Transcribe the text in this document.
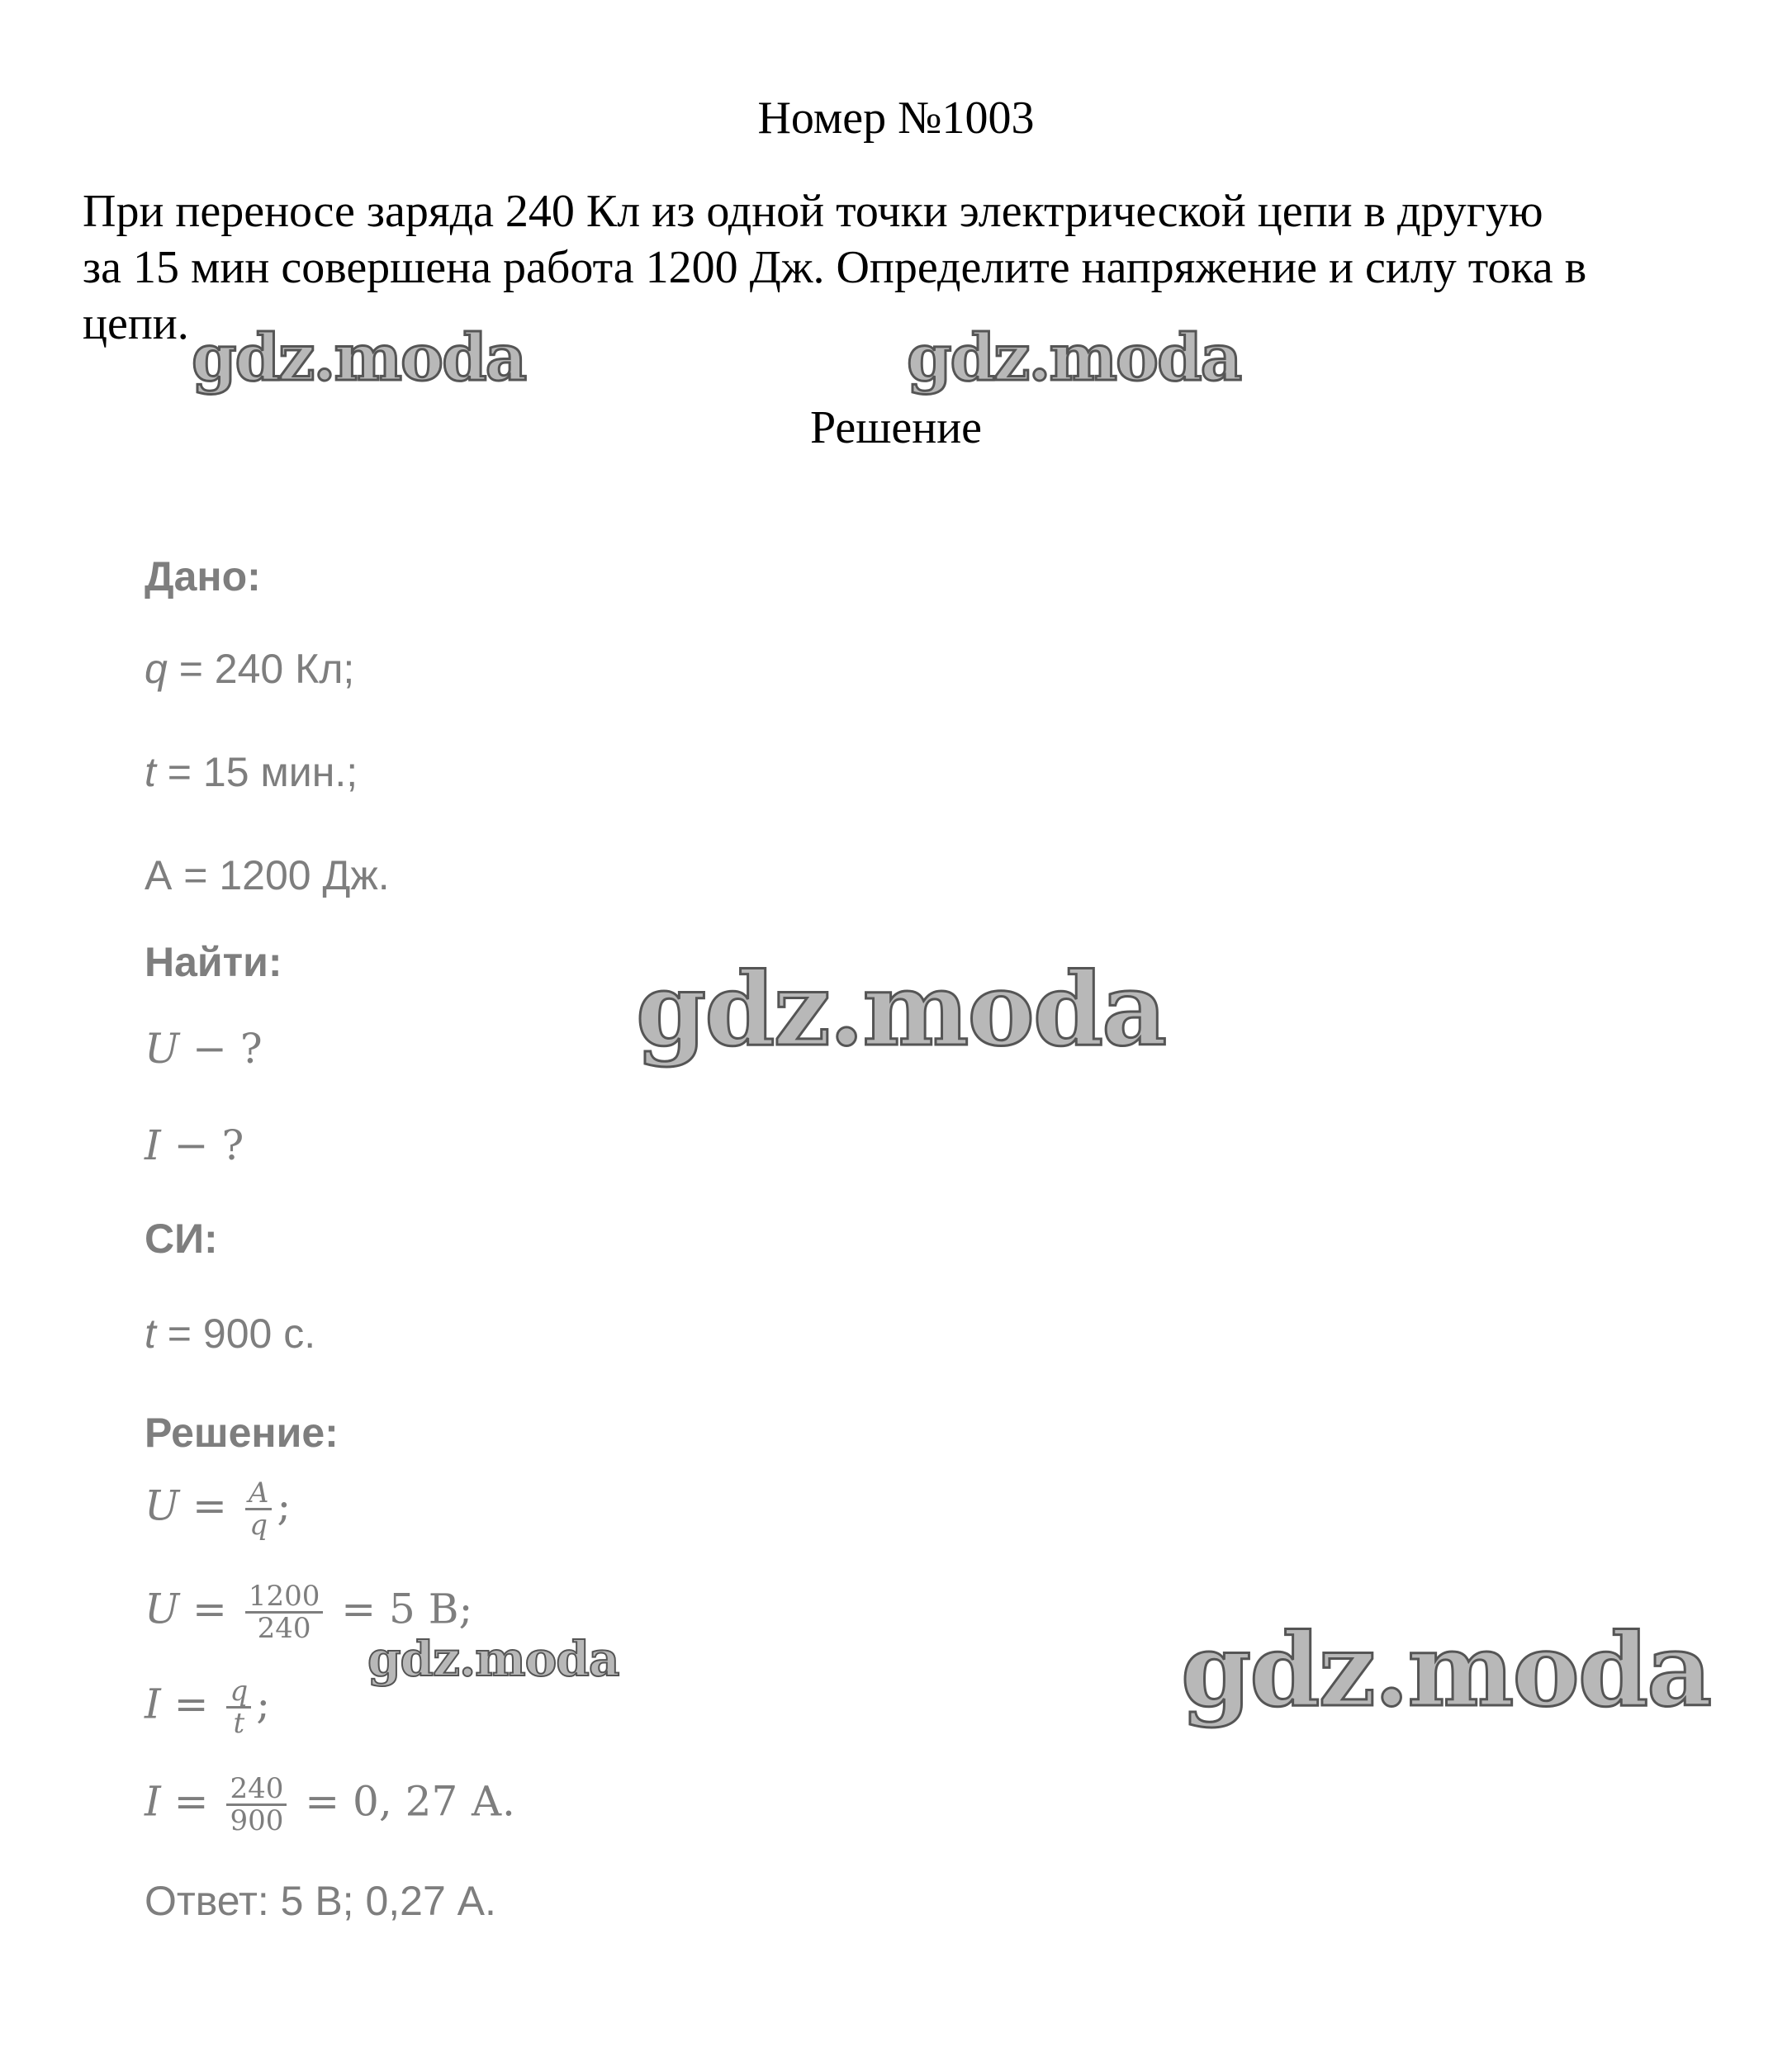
Номер №1003
При переносе заряда 240 Кл из одной точки электрической цепи в другую
за 15 мин совершена работа 1200 Дж. Определите напряжение и силу тока в
цепи.
Решение
Дано:
q = 240 Кл;
t = 15 мин.;
А = 1200 Дж.
Найти:
U − ?
I − ?
СИ:
t = 900 с.
Решение:
$U = \frac{A}{q}$ ;
$U = \frac{1200}{240} = 5$ В;
$I = \frac{q}{t}$ ;
$I = \frac{240}{900} = 0$, 27 А.
Ответ: 5 В; 0,27 А.
gdz.moda	gdz.moda
gdz.moda
gdz.moda	gdz.moda
